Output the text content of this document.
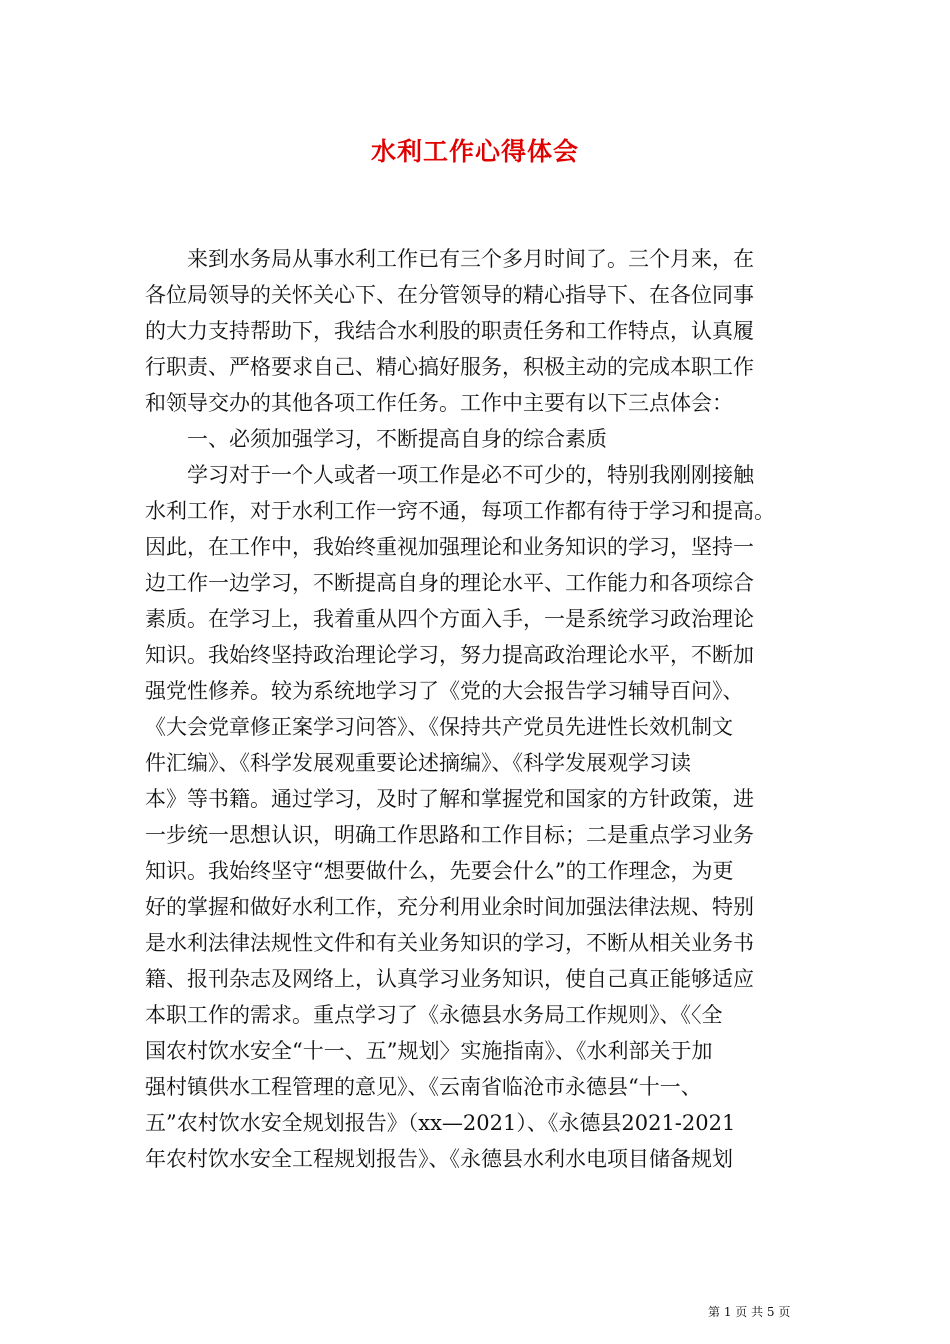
水利工作心得体会
　　来到水务局从事水利工作已有三个多月时间了。三个月来，在
各位局领导的关怀关心下、在分管领导的精心指导下、在各位同事
的大力支持帮助下，我结合水利股的职责任务和工作特点，认真履
行职责、严格要求自己、精心搞好服务，积极主动的完成本职工作
和领导交办的其他各项工作任务。工作中主要有以下三点体会：
　　一、必须加强学习，不断提高自身的综合素质
　　学习对于一个人或者一项工作是必不可少的，特别我刚刚接触
水利工作，对于水利工作一窍不通，每项工作都有待于学习和提高。
因此，在工作中，我始终重视加强理论和业务知识的学习，坚持一
边工作一边学习，不断提高自身的理论水平、工作能力和各项综合
素质。在学习上，我着重从四个方面入手，一是系统学习政治理论
知识。我始终坚持政治理论学习，努力提高政治理论水平，不断加
强党性修养。较为系统地学习了《党的大会报告学习辅导百问》、
《大会党章修正案学习问答》、《保持共产党员先进性长效机制文
件汇编》、《科学发展观重要论述摘编》、《科学发展观学习读
本》等书籍。通过学习，及时了解和掌握党和国家的方针政策，进
一步统一思想认识，明确工作思路和工作目标；二是重点学习业务
知识。我始终坚守“想要做什么，先要会什么”的工作理念，为更
好的掌握和做好水利工作，充分利用业余时间加强法律法规、特别
是水利法律法规性文件和有关业务知识的学习，不断从相关业务书
籍、报刊杂志及网络上，认真学习业务知识，使自己真正能够适应
本职工作的需求。重点学习了《永德县水务局工作规则》、《〈全
国农村饮水安全“十一、五”规划〉实施指南》、《水利部关于加
强村镇供水工程管理的意见》、《云南省临沧市永德县“十一、
五”农村饮水安全规划报告》（xx—2021）、《永德县2021-2021
年农村饮水安全工程规划报告》、《永德县水利水电项目储备规划
第 1 页 共 5 页
